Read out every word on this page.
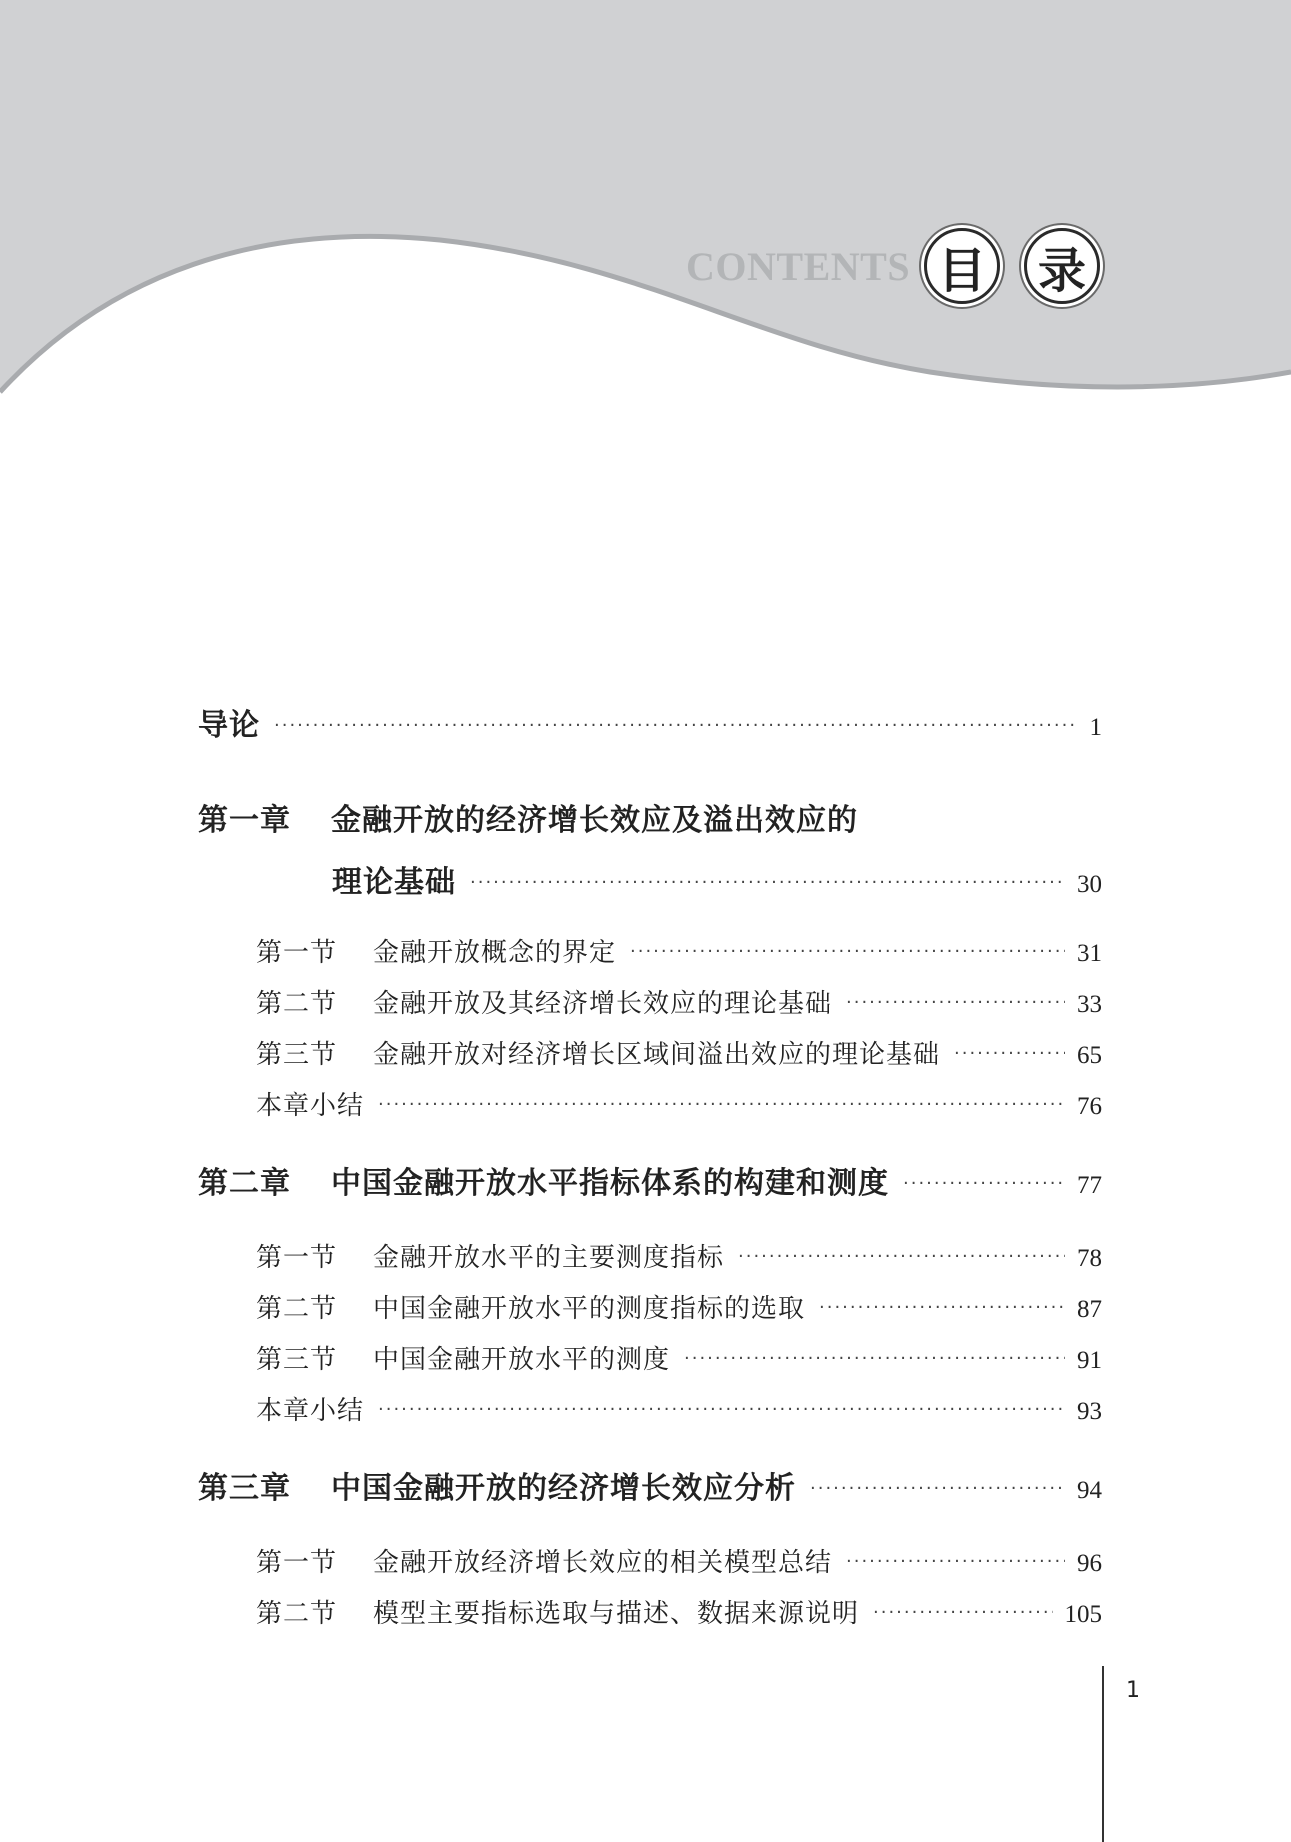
CONTENTS 目 录
导论 ·····	1
第一章 金融开放的经济增长效应及溢出效应的
理论基础 ·····	30
第一节 金融开放概念的界定 ·····	31
第二节 金融开放及其经济增长效应的理论基础 ·····	33
第三节 金融开放对经济增长区域间溢出效应的理论基础 ·····	65
本章小结 ·····	76
第二章 中国金融开放水平指标体系的构建和测度 ·····	77
第一节 金融开放水平的主要测度指标 ·····	78
第二节 中国金融开放水平的测度指标的选取 ·····	87
第三节 中国金融开放水平的测度 ·····	91
本章小结 ·····	93
第三章 中国金融开放的经济增长效应分析 ·····	94
第一节 金融开放经济增长效应的相关模型总结 ·····	96
第二节 模型主要指标选取与描述、数据来源说明 ·····	105
1
